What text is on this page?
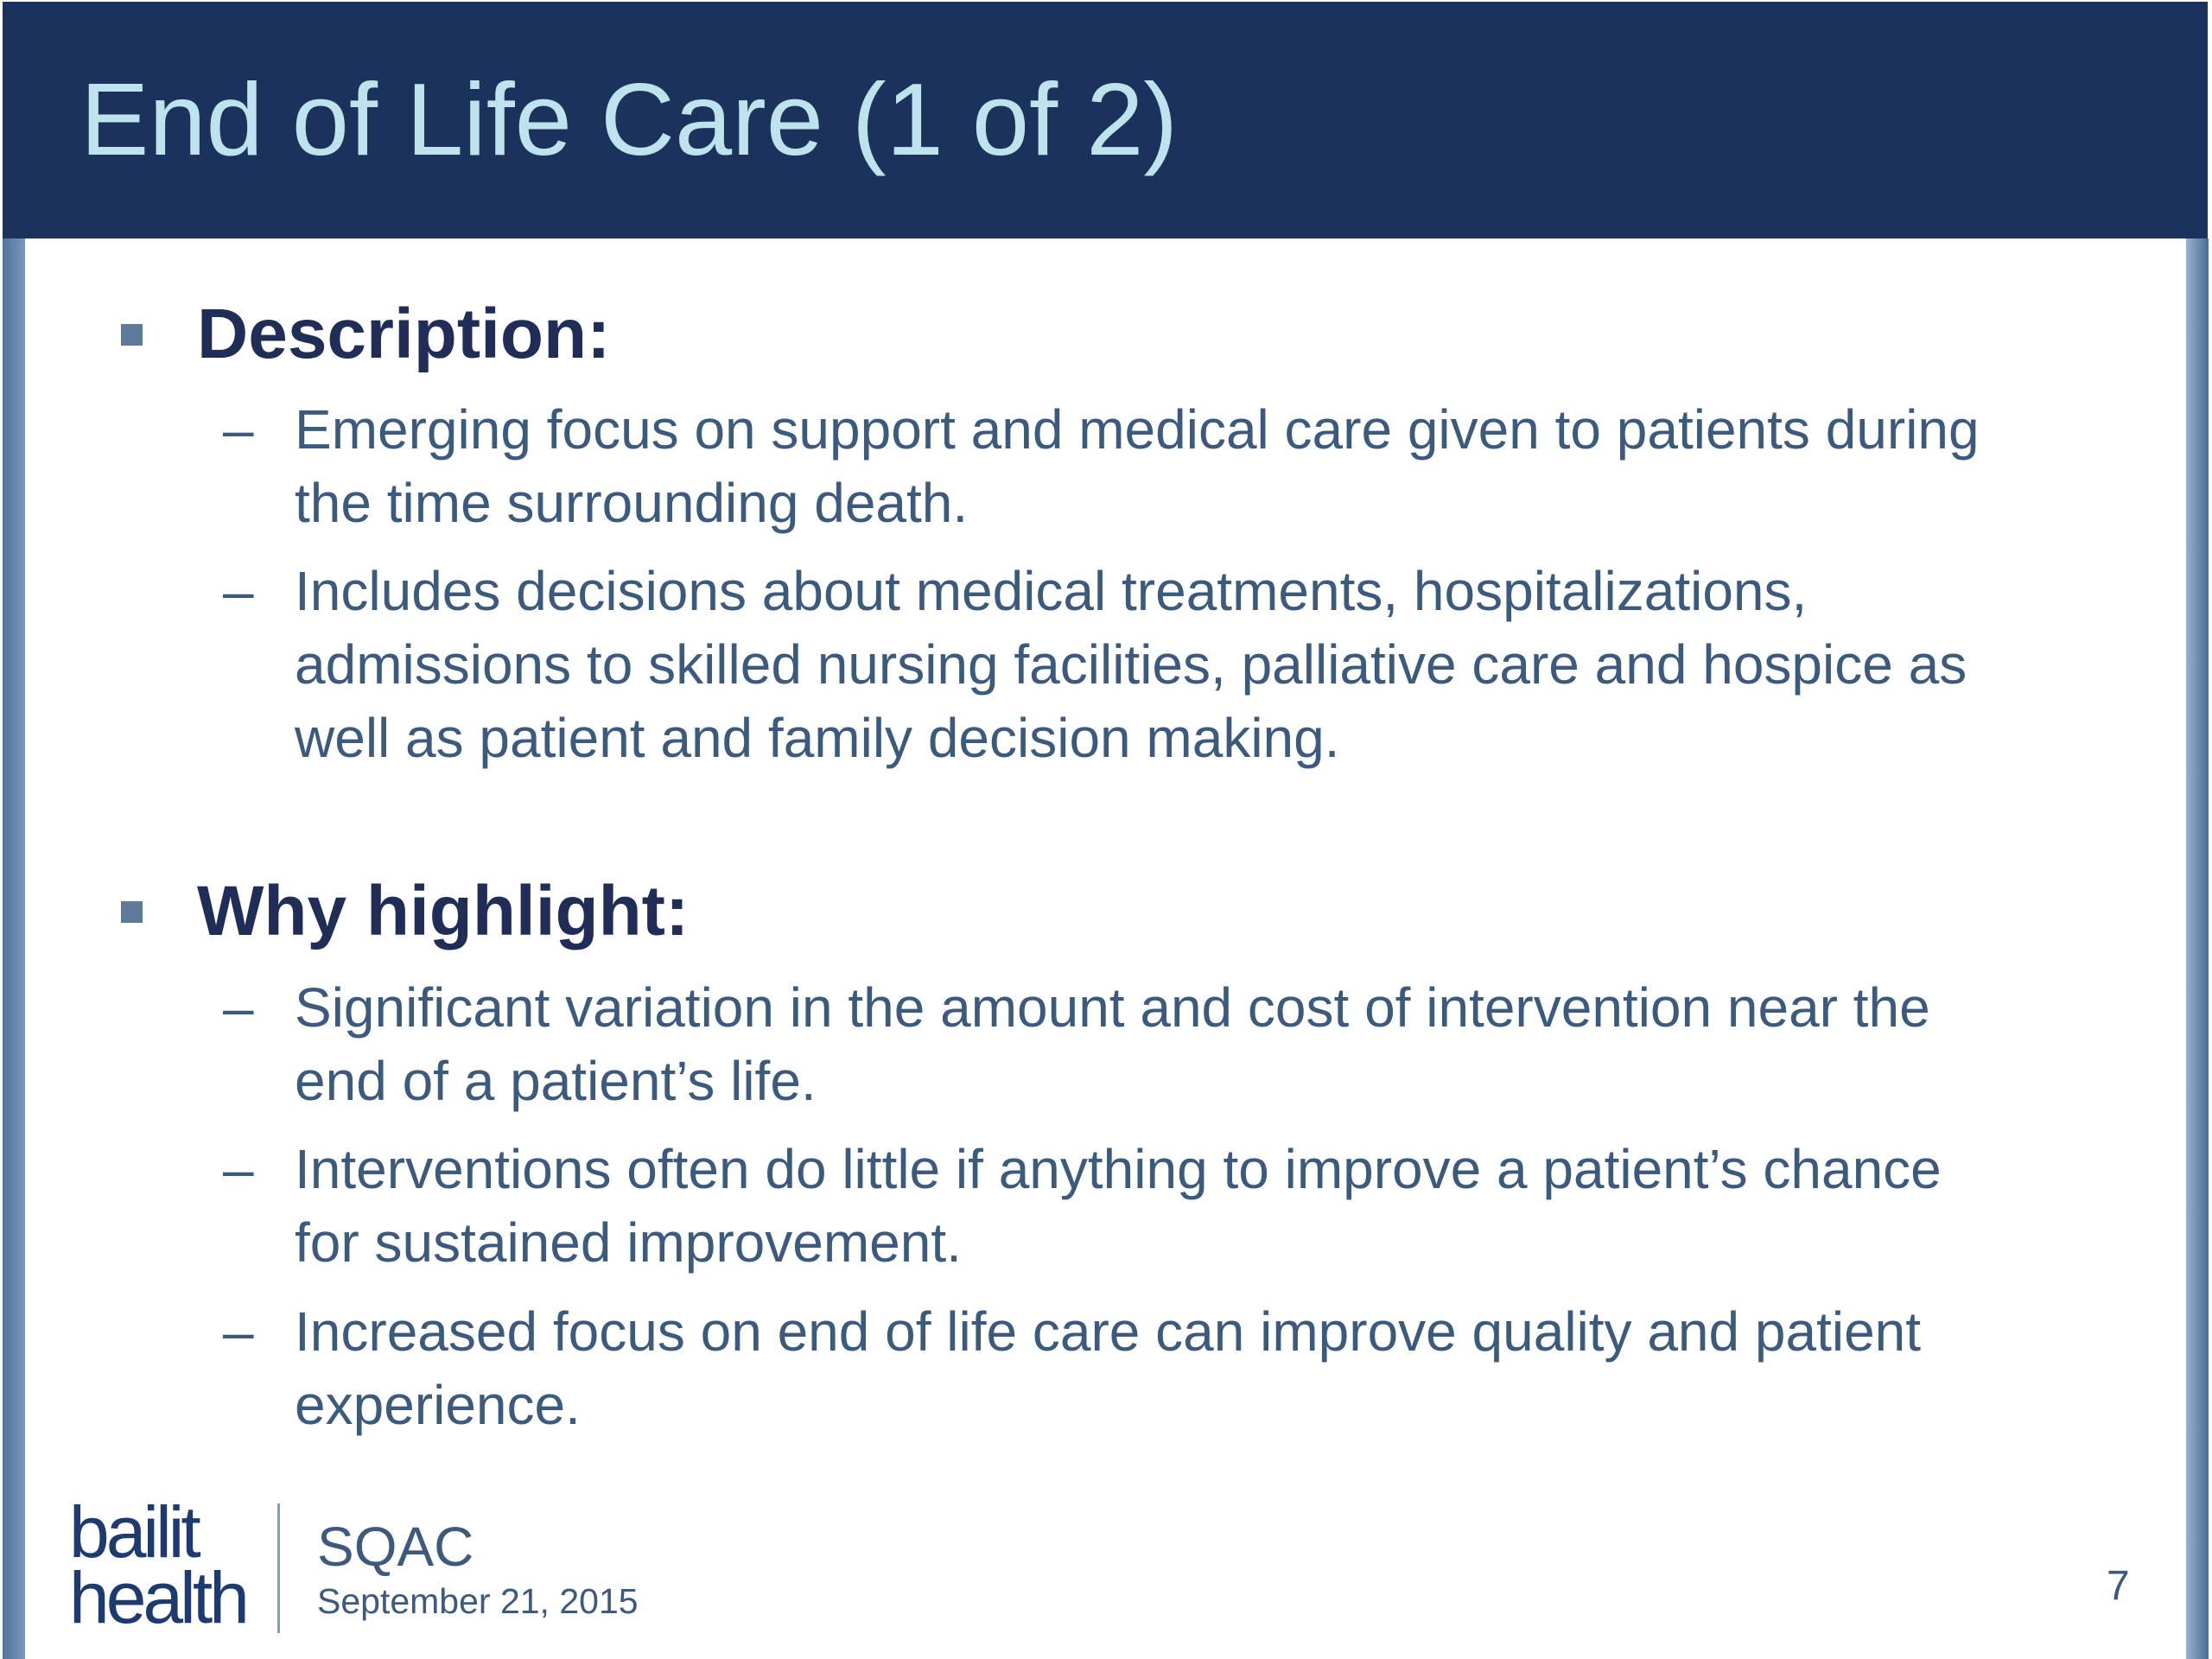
End of Life Care (1 of 2)
Description:
– Emerging focus on support and medical care given to patients during the time surrounding death.
– Includes decisions about medical treatments, hospitalizations, admissions to skilled nursing facilities, palliative care and hospice as well as patient and family decision making.
Why highlight:
– Significant variation in the amount and cost of intervention near the end of a patient’s life.
– Interventions often do little if anything to improve a patient’s chance for sustained improvement.
– Increased focus on end of life care can improve quality and patient experience.
bailit
health
SQAC
September 21, 2015	7
